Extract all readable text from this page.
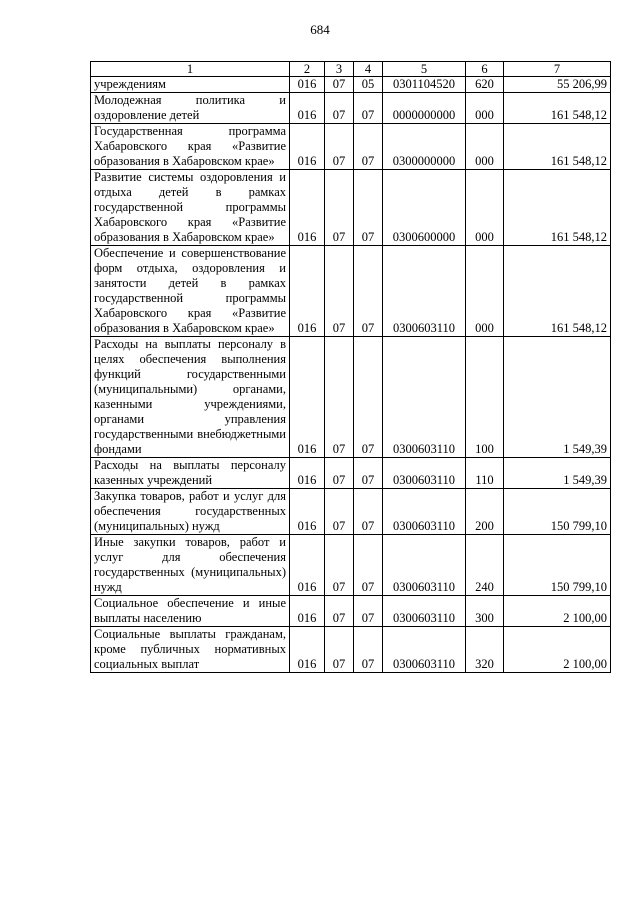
684
1	2	3	4	5	6	7
учреждениям	016	07	05	0301104520	620	55 206,99
Молодежная политика и оздоровление детей	016	07	07	0000000000	000	161 548,12
Государственная программа Хабаровского края «Развитие образования в Хабаровском крае»	016	07	07	0300000000	000	161 548,12
Развитие системы оздоровления и отдыха детей в рамках государственной программы Хабаровского края «Развитие образования в Хабаровском крае»	016	07	07	0300600000	000	161 548,12
Обеспечение и совершенствование форм отдыха, оздоровления и занятости детей в рамках государственной программы Хабаровского края «Развитие образования в Хабаровском крае»	016	07	07	0300603110	000	161 548,12
Расходы на выплаты персоналу в целях обеспечения выполнения функций государственными (муниципальными) органами, казенными учреждениями, органами управления государственными внебюджетными фондами	016	07	07	0300603110	100	1 549,39
Расходы на выплаты персоналу казенных учреждений	016	07	07	0300603110	110	1 549,39
Закупка товаров, работ и услуг для обеспечения государственных (муниципальных) нужд	016	07	07	0300603110	200	150 799,10
Иные закупки товаров, работ и услуг для обеспечения государственных (муниципальных) нужд	016	07	07	0300603110	240	150 799,10
Социальное обеспечение и иные выплаты населению	016	07	07	0300603110	300	2 100,00
Социальные выплаты гражданам, кроме публичных нормативных социальных выплат	016	07	07	0300603110	320	2 100,00
